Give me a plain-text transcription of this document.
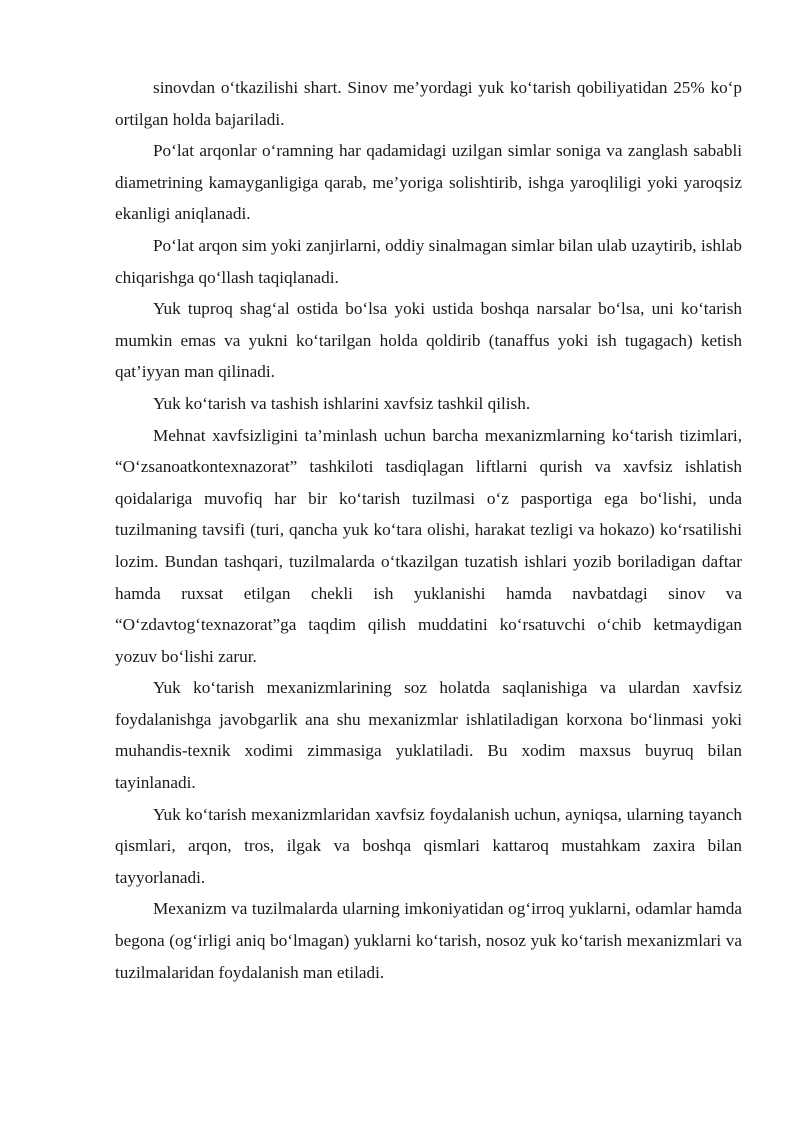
sinovdan o‘tkazilishi shart. Sinov me’yordagi yuk ko‘tarish qobiliyatidan 25% ko‘p ortilgan holda bajariladi.

Po‘lat arqonlar o‘ramning har qadamidagi uzilgan simlar soniga va zanglash sababli diametrining kamayganligiga qarab, me’yoriga solishtirib, ishga yaroqliligi yoki yaroqsiz ekanligi aniqlanadi.

Po‘lat arqon sim yoki zanjirlarni, oddiy sinalmagan simlar bilan ulab uzaytirib, ishlab chiqarishga qo‘llash taqiqlanadi.

Yuk tuproq shag‘al ostida bo‘lsa yoki ustida boshqa narsalar bo‘lsa, uni ko‘tarish mumkin emas va yukni ko‘tarilgan holda qoldirib (tanaffus yoki ish tugagach) ketish qat’iyyan man qilinadi.

Yuk ko‘tarish va tashish ishlarini xavfsiz tashkil qilish.

Mehnat xavfsizligini ta’minlash uchun barcha mexanizmlarning ko‘tarish tizimlari, “O‘zsanoatkontexnazorat” tashkiloti tasdiqlagan liftlarni qurish va xavfsiz ishlatish qoidalariga muvofiq har bir ko‘tarish tuzilmasi o‘z pasportiga ega bo‘lishi, unda tuzilmaning tavsifi (turi, qancha yuk ko‘tara olishi, harakat tezligi va hokazo) ko‘rsatilishi lozim. Bundan tashqari, tuzilmalarda o‘tkazilgan tuzatish ishlari yozib boriladigan daftar hamda ruxsat etilgan chekli ish yuklanishi hamda navbatdagi sinov va “O‘zdavtog‘texnazorat”ga taqdim qilish muddatini ko‘rsatuvchi o‘chib ketmaydigan yozuv bo‘lishi zarur.

Yuk ko‘tarish mexanizmlarining soz holatda saqlanishiga va ulardan xavfsiz foydalanishga javobgarlik ana shu mexanizmlar ishlatiladigan korxona bo‘linmasi yoki muhandis-texnik xodimi zimmasiga yuklatiladi. Bu xodim maxsus buyruq bilan tayinlanadi.

Yuk ko‘tarish mexanizmlaridan xavfsiz foydalanish uchun, ayniqsa, ularning tayanch qismlari, arqon, tros, ilgak va boshqa qismlari kattaroq mustahkam zaxira bilan tayyorlanadi.

Mexanizm va tuzilmalarda ularning imkoniyatidan og‘irroq yuklarni, odamlar hamda begona (og‘irligi aniq bo‘lmagan) yuklarni ko‘tarish, nosoz yuk ko‘tarish mexanizmlari va tuzilmalaridan foydalanish man etiladi.
